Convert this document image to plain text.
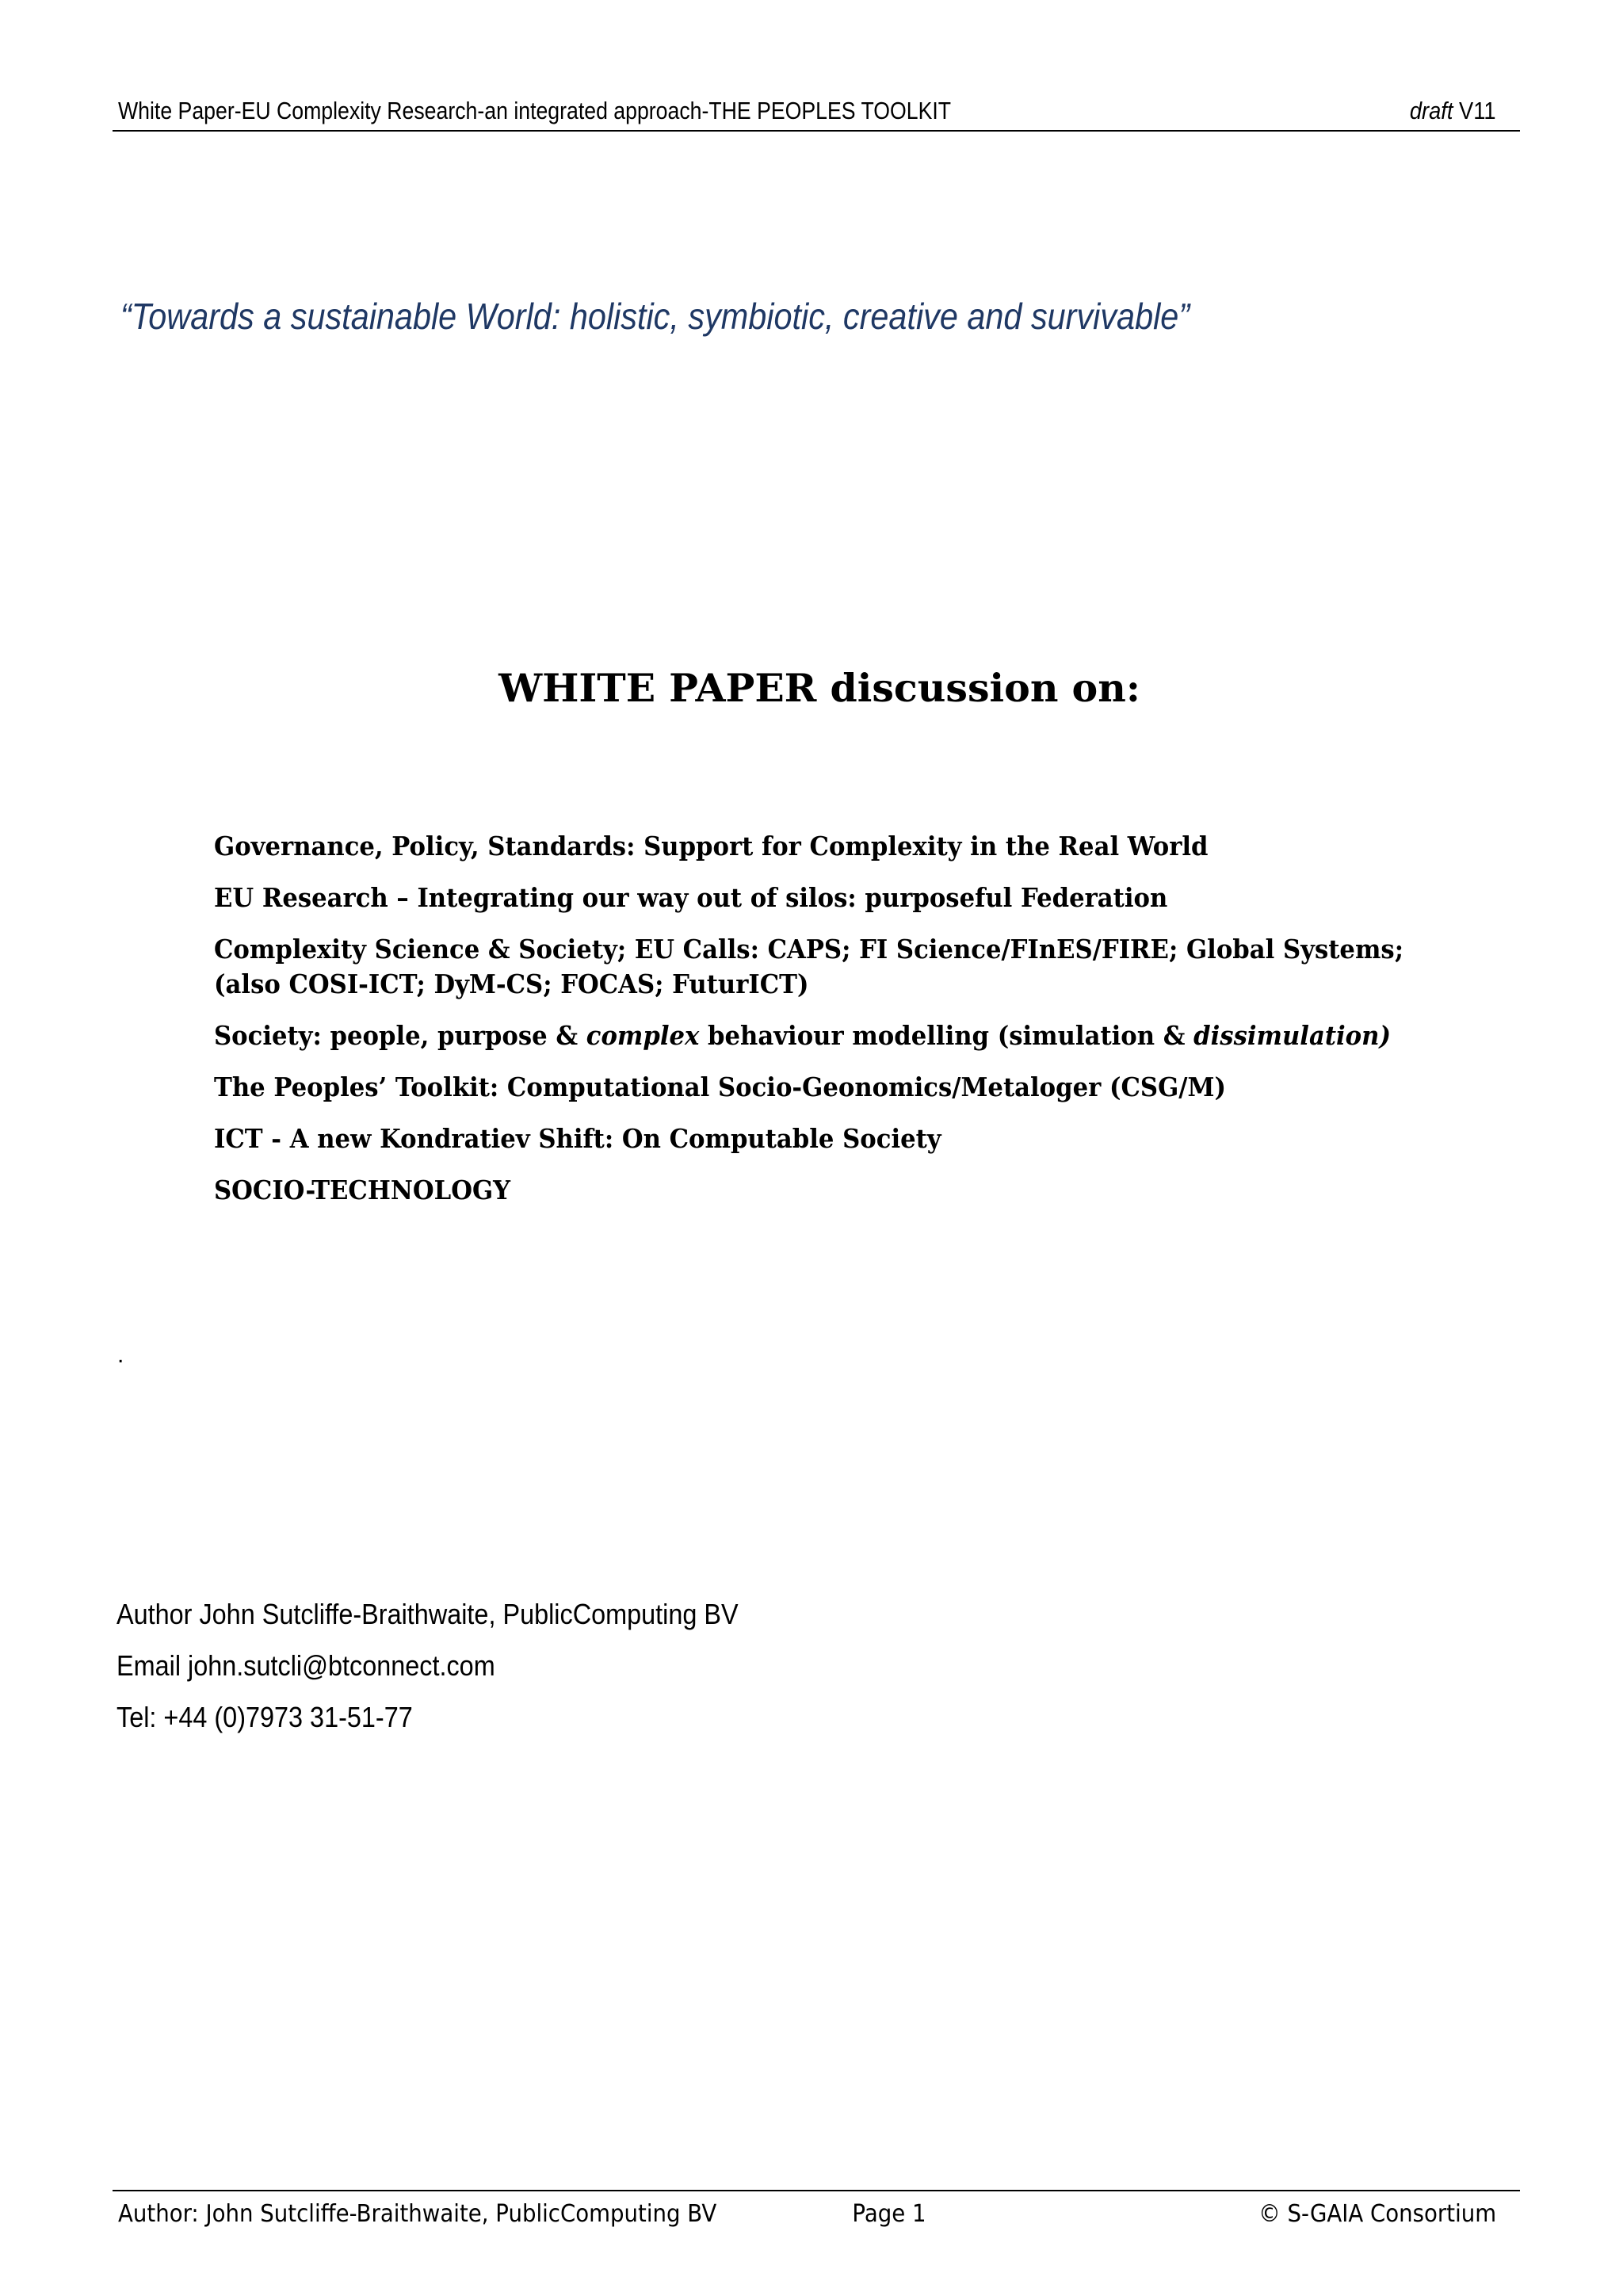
White Paper-EU Complexity Research-an integrated approach-THE PEOPLES TOOLKIT	draft V11
“Towards a sustainable World: holistic, symbiotic, creative and survivable”
WHITE PAPER discussion on:
Governance, Policy, Standards: Support for Complexity in the Real World
EU Research – Integrating our way out of silos: purposeful Federation
Complexity Science & Society; EU Calls: CAPS; FI Science/FInES/FIRE; Global Systems;
(also COSI-ICT; DyM-CS; FOCAS; FuturICT)
Society: people, purpose & complex behaviour modelling (simulation & dissimulation)
The Peoples’ Toolkit: Computational Socio-Geonomics/Metaloger (CSG/M)
ICT - A new Kondratiev Shift: On Computable Society
SOCIO-TECHNOLOGY
.
Author John Sutcliffe-Braithwaite, PublicComputing BV
Email john.sutcli@btconnect.com
Tel: +44 (0)7973 31-51-77
Author: John Sutcliffe-Braithwaite, PublicComputing BV	Page 1	© S-GAIA Consortium
